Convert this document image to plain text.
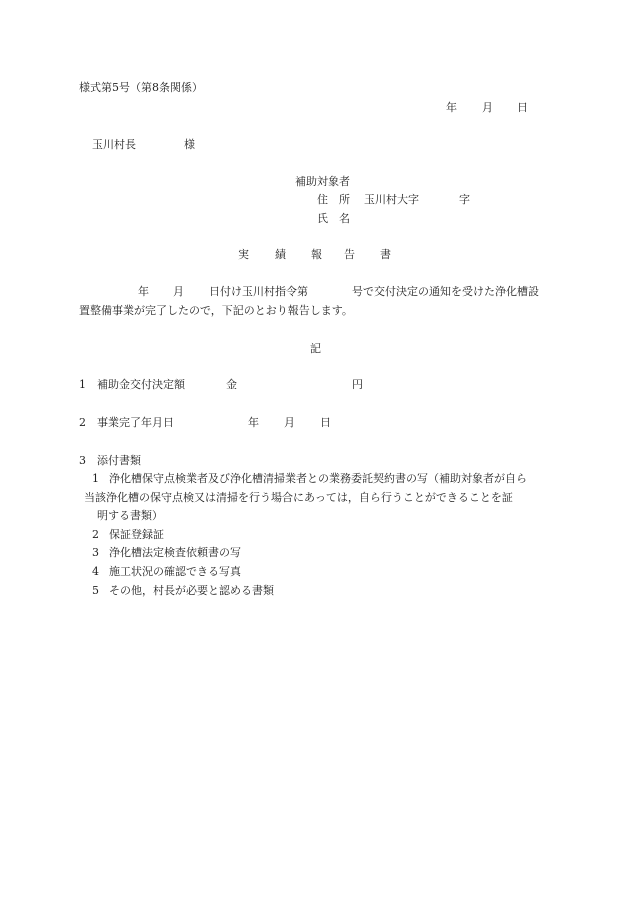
様式第5号（第8条関係）
年 月 日
玉川村長	様
補助対象者
住　所 玉川村大字	字
氏　名
実 績 報 告 書
年 月 日付け玉川村指令第	号で交付決定の通知を受けた浄化槽設
置整備事業が完了したので，下記のとおり報告します。
記
1 補助金交付決定額	金	円
2 事業完了年月日	年 月 日
3 添付書類
1 浄化槽保守点検業者及び浄化槽清掃業者との業務委託契約書の写（補助対象者が自ら
当該浄化槽の保守点検又は清掃を行う場合にあっては，自ら行うことができることを証
明する書類）
2 保証登録証
3 浄化槽法定検査依頼書の写
4 施工状況の確認できる写真
5 その他，村長が必要と認める書類
